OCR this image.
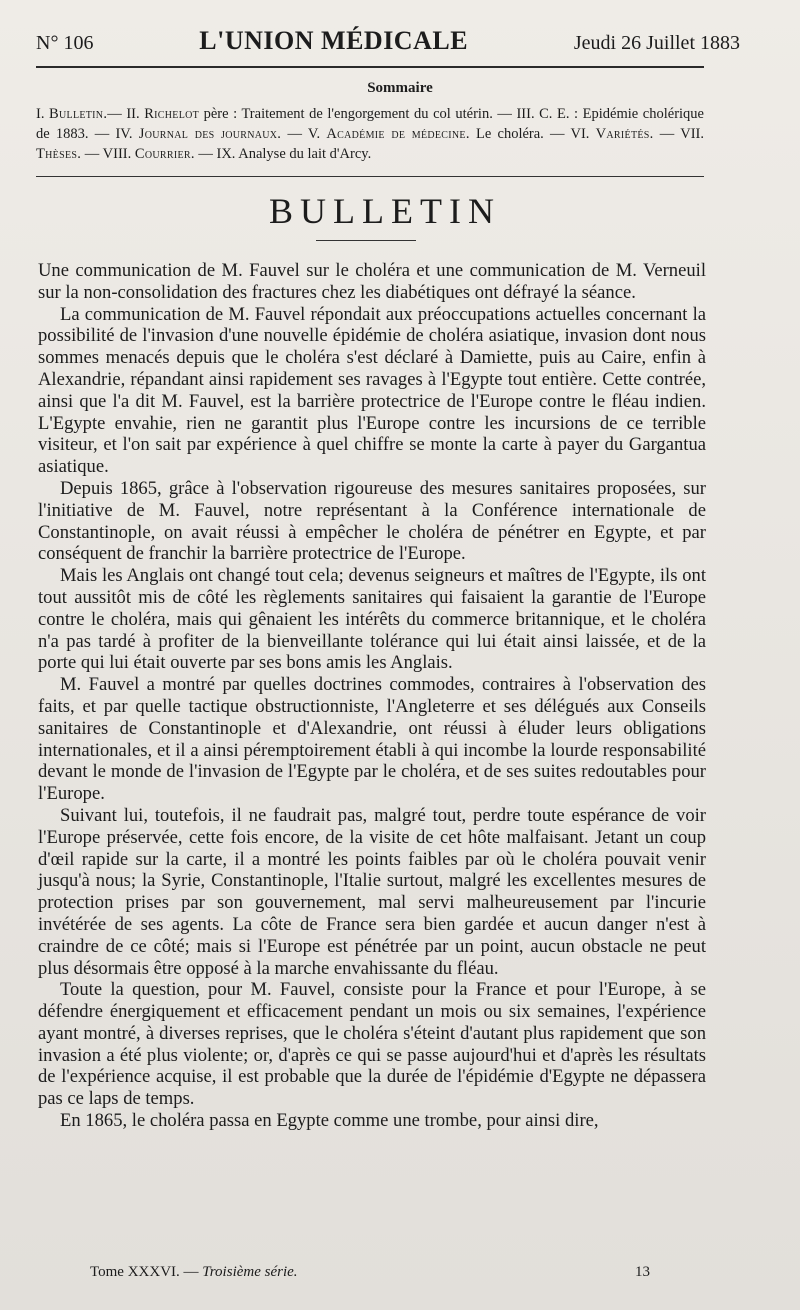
N° 106	L'UNION MÉDICALE	Jeudi 26 Juillet 1883
Sommaire
I. Bulletin.— II. Richelot père : Traitement de l'engorgement du col utérin. — III. C. E. : Epidémie cholérique de 1883. — IV. Journal des journaux. — V. Académie de médecine. Le choléra. — VI. Variétés. — VII. Thèses. — VIII. Courrier. — IX. Analyse du lait d'Arcy.
BULLETIN

Une communication de M. Fauvel sur le choléra et une communication de M. Verneuil sur la non-consolidation des fractures chez les diabétiques ont défrayé la séance.

La communication de M. Fauvel répondait aux préoccupations actuelles concernant la possibilité de l'invasion d'une nouvelle épidémie de choléra asiatique, invasion dont nous sommes menacés depuis que le choléra s'est déclaré à Damiette, puis au Caire, enfin à Alexandrie, répandant ainsi rapidement ses ravages à l'Egypte tout entière. Cette contrée, ainsi que l'a dit M. Fauvel, est la barrière protectrice de l'Europe contre le fléau indien. L'Egypte envahie, rien ne garantit plus l'Europe contre les incursions de ce terrible visiteur, et l'on sait par expérience à quel chiffre se monte la carte à payer du Gargantua asiatique.

Depuis 1865, grâce à l'observation rigoureuse des mesures sanitaires proposées, sur l'initiative de M. Fauvel, notre représentant à la Conférence internationale de Constantinople, on avait réussi à empêcher le choléra de pénétrer en Egypte, et par conséquent de franchir la barrière protectrice de l'Europe.

Mais les Anglais ont changé tout cela; devenus seigneurs et maîtres de l'Egypte, ils ont tout aussitôt mis de côté les règlements sanitaires qui faisaient la garantie de l'Europe contre le choléra, mais qui gênaient les intérêts du commerce britannique, et le choléra n'a pas tardé à profiter de la bienveillante tolérance qui lui était ainsi laissée, et de la porte qui lui était ouverte par ses bons amis les Anglais.

M. Fauvel a montré par quelles doctrines commodes, contraires à l'observation des faits, et par quelle tactique obstructionniste, l'Angleterre et ses délégués aux Conseils sanitaires de Constantinople et d'Alexandrie, ont réussi à éluder leurs obligations internationales, et il a ainsi péremptoirement établi à qui incombe la lourde responsabilité devant le monde de l'invasion de l'Egypte par le choléra, et de ses suites redoutables pour l'Europe.

Suivant lui, toutefois, il ne faudrait pas, malgré tout, perdre toute espérance de voir l'Europe préservée, cette fois encore, de la visite de cet hôte malfaisant. Jetant un coup d'œil rapide sur la carte, il a montré les points faibles par où le choléra pouvait venir jusqu'à nous; la Syrie, Constantinople, l'Italie surtout, malgré les excellentes mesures de protection prises par son gouvernement, mal servi malheureusement par l'incurie invétérée de ses agents. La côte de France sera bien gardée et aucun danger n'est à craindre de ce côté; mais si l'Europe est pénétrée par un point, aucun obstacle ne peut plus désormais être opposé à la marche envahissante du fléau.

Toute la question, pour M. Fauvel, consiste pour la France et pour l'Europe, à se défendre énergiquement et efficacement pendant un mois ou six semaines, l'expérience ayant montré, à diverses reprises, que le choléra s'éteint d'autant plus rapidement que son invasion a été plus violente; or, d'après ce qui se passe aujourd'hui et d'après les résultats de l'expérience acquise, il est probable que la durée de l'épidémie d'Egypte ne dépassera pas ce laps de temps.

En 1865, le choléra passa en Egypte comme une trombe, pour ainsi dire,

Tome XXXVI. — Troisième série.	13
